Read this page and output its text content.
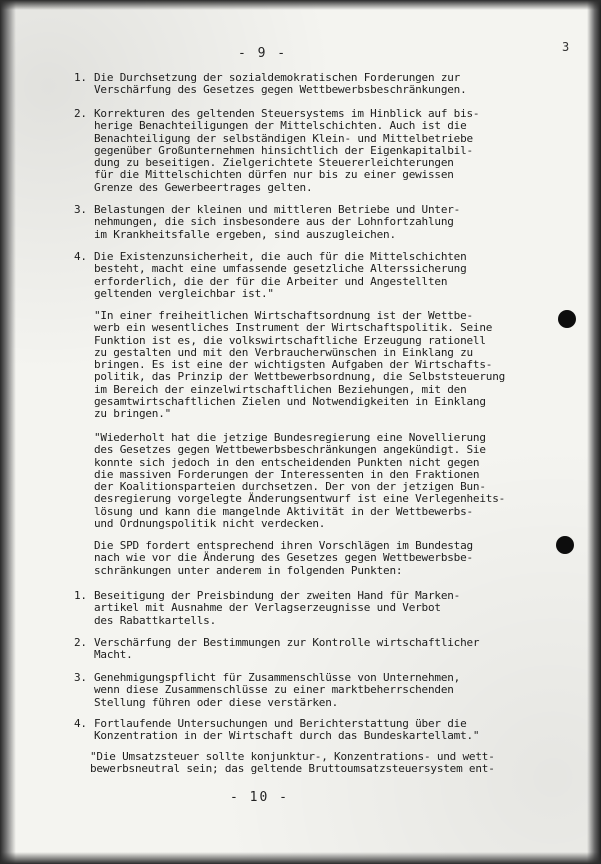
- 9 -	3
1. Die Durchsetzung der sozialdemokratischen Forderungen zur
Verschärfung des Gesetzes gegen Wettbewerbsbeschränkungen.
2. Korrekturen des geltenden Steuersystems im Hinblick auf bis-
herige Benachteiligungen der Mittelschichten. Auch ist die
Benachteiligung der selbständigen Klein- und Mittelbetriebe
gegenüber Großunternehmen hinsichtlich der Eigenkapitalbil-
dung zu beseitigen. Zielgerichtete Steuererleichterungen
für die Mittelschichten dürfen nur bis zu einer gewissen
Grenze des Gewerbeertrages gelten.
3. Belastungen der kleinen und mittleren Betriebe und Unter-
nehmungen, die sich insbesondere aus der Lohnfortzahlung
im Krankheitsfalle ergeben, sind auszugleichen.
4. Die Existenzunsicherheit, die auch für die Mittelschichten
besteht, macht eine umfassende gesetzliche Alterssicherung
erforderlich, die der für die Arbeiter und Angestellten
geltenden vergleichbar ist."
"In einer freiheitlichen Wirtschaftsordnung ist der Wettbe-
werb ein wesentliches Instrument der Wirtschaftspolitik. Seine
Funktion ist es, die volkswirtschaftliche Erzeugung rationell
zu gestalten und mit den Verbraucherwünschen in Einklang zu
bringen. Es ist eine der wichtigsten Aufgaben der Wirtschafts-
politik, das Prinzip der Wettbewerbsordnung, die Selbststeuerung
im Bereich der einzelwirtschaftlichen Beziehungen, mit den
gesamtwirtschaftlichen Zielen und Notwendigkeiten in Einklang
zu bringen."
"Wiederholt hat die jetzige Bundesregierung eine Novellierung
des Gesetzes gegen Wettbewerbsbeschränkungen angekündigt. Sie
konnte sich jedoch in den entscheidenden Punkten nicht gegen
die massiven Forderungen der Interessenten in den Fraktionen
der Koalitionsparteien durchsetzen. Der von der jetzigen Bun-
desregierung vorgelegte Änderungsentwurf ist eine Verlegenheits-
lösung und kann die mangelnde Aktivität in der Wettbewerbs-
und Ordnungspolitik nicht verdecken.
Die SPD fordert entsprechend ihren Vorschlägen im Bundestag
nach wie vor die Änderung des Gesetzes gegen Wettbewerbsbe-
schränkungen unter anderem in folgenden Punkten:
1. Beseitigung der Preisbindung der zweiten Hand für Marken-
artikel mit Ausnahme der Verlagserzeugnisse und Verbot
des Rabattkartells.
2. Verschärfung der Bestimmungen zur Kontrolle wirtschaftlicher
Macht.
3. Genehmigungspflicht für Zusammenschlüsse von Unternehmen,
wenn diese Zusammenschlüsse zu einer marktbeherrschenden
Stellung führen oder diese verstärken.
4. Fortlaufende Untersuchungen und Berichterstattung über die
Konzentration in der Wirtschaft durch das Bundeskartellamt."
"Die Umsatzsteuer sollte konjunktur-, Konzentrations- und wett-
bewerbsneutral sein; das geltende Bruttoumsatzsteuersystem ent-
- 10 -
